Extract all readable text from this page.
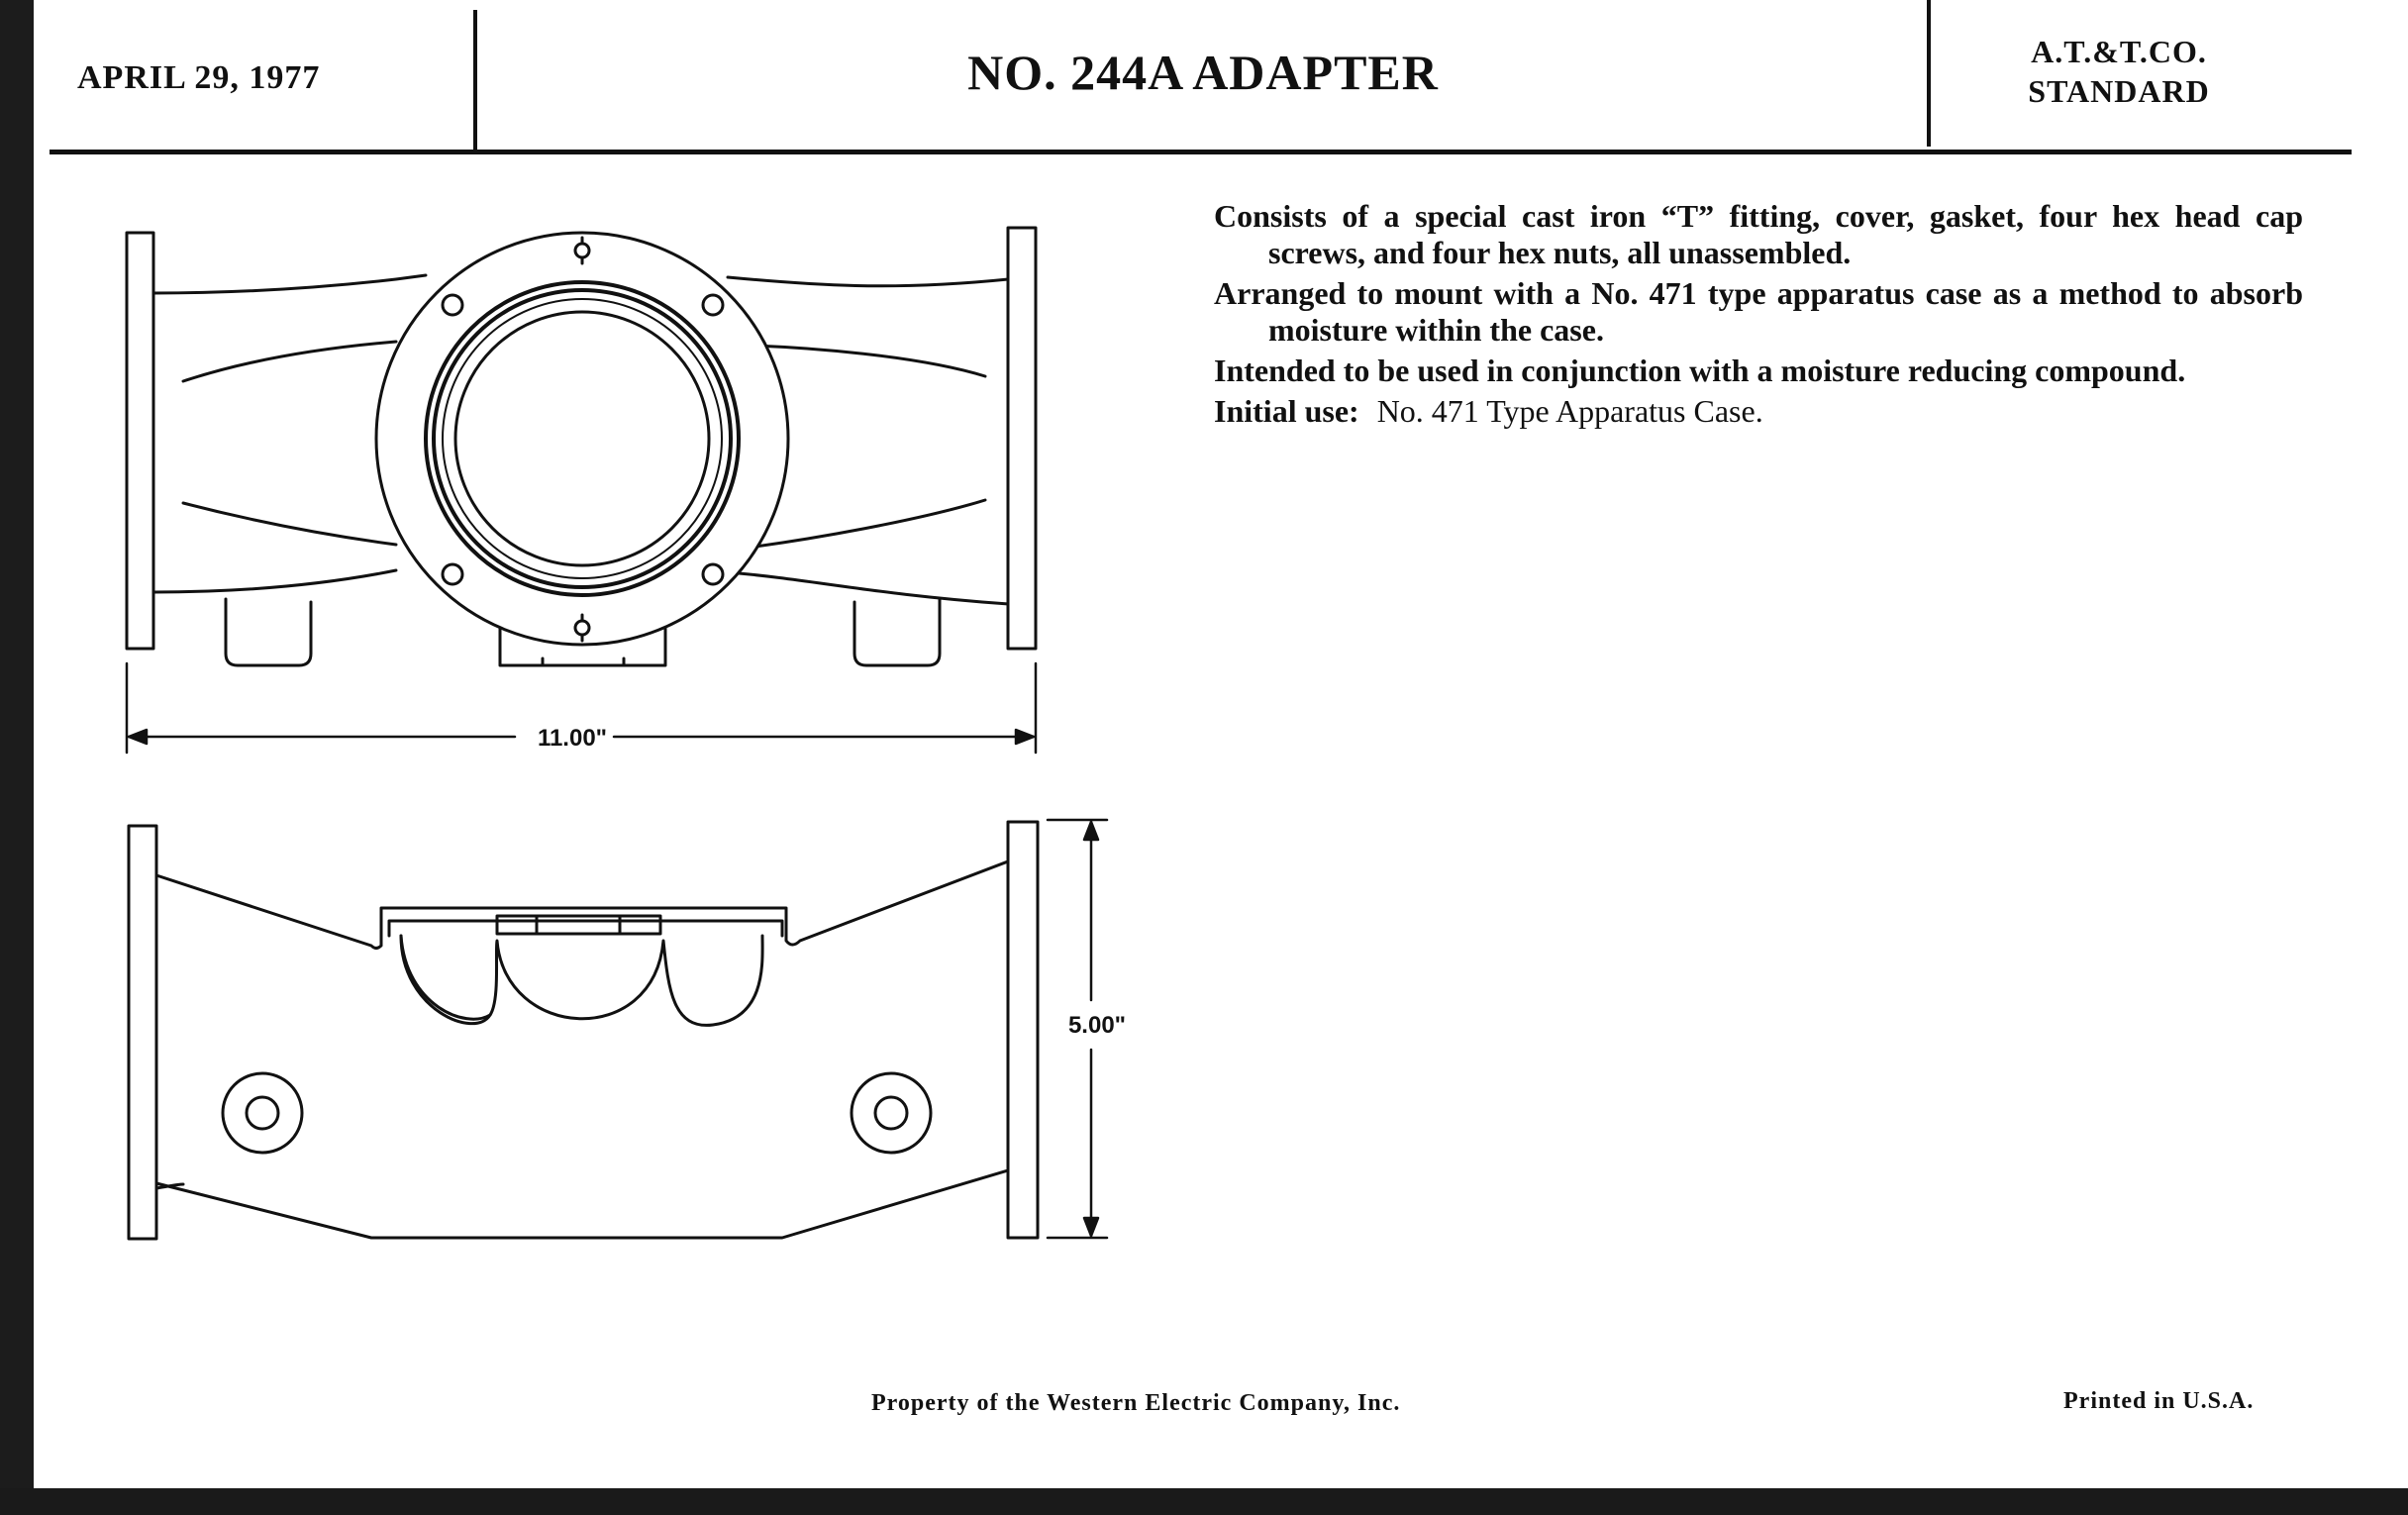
APRIL 29, 1977	NO. 244A ADAPTER	A.T.&T.CO.
STANDARD

Consists of a special cast iron “T” fitting, cover, gasket, four hex head cap screws, and four hex nuts, all unassembled.

Arranged to mount with a No. 471 type apparatus case as a method to absorb moisture within the case.

Intended to be used in conjunction with a moisture reducing compound.

Initial use: No. 471 Type Apparatus Case.

11.00"
5.00"
Property of the Western Electric Company, Inc.	Printed in U.S.A.
